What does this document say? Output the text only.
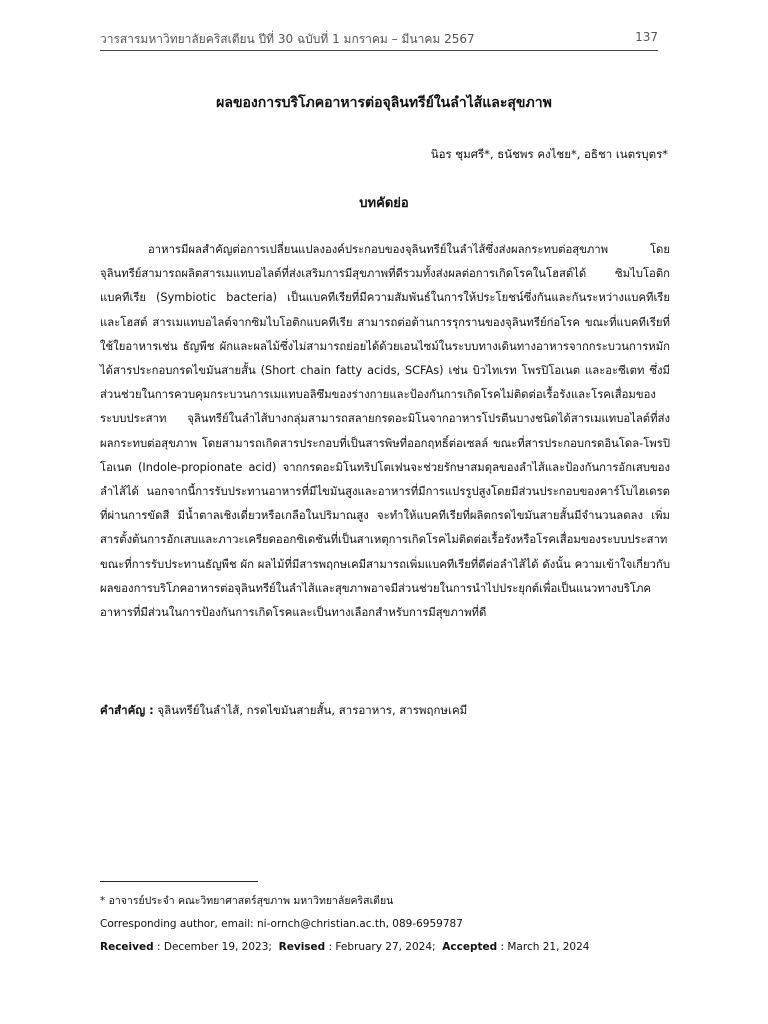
วารสารมหาวิทยาลัยคริสเตียน ปีที่ 30 ฉบับที่ 1 มกราคม – มีนาคม 2567	137
ผลของการบริโภคอาหารต่อจุลินทรีย์ในลำไส้และสุขภาพ
นิอร ชุมศรี*, ธนัชพร คงไชย*, อธิชา เนตรบุตร*
บทคัดย่อ

อาหารมีผลสำคัญต่อการเปลี่ยนแปลงองค์ประกอบของจุลินทรีย์ในลำไส้ซึ่งส่งผลกระทบต่อสุขภาพ โดยจุลินทรีย์สามารถผลิตสารเมแทบอไลต์ที่ส่งเสริมการมีสุขภาพที่ดีรวมทั้งส่งผลต่อการเกิดโรคในโฮสต์ได้ ซิมไบโอติก แบคทีเรีย (Symbiotic bacteria) เป็นแบคทีเรียที่มีความสัมพันธ์ในการให้ประโยชน์ซึ่งกันและกันระหว่างแบคทีเรียและโฮสต์ สารเมแทบอไลต์จากซิมไบโอติกแบคทีเรีย สามารถต่อต้านการรุกรานของจุลินทรีย์ก่อโรค ขณะที่แบคทีเรียที่ใช้ใยอาหารเช่น ธัญพืช ผักและผลไม้ซึ่งไม่สามารถย่อยได้ด้วยเอนไซม์ในระบบทางเดินทางอาหารจากกระบวนการหมักได้สารประกอบกรดไขมันสายสั้น (Short chain fatty acids, SCFAs) เช่น บิวไทเรท โพรปิโอเนต และอะซีเตท ซึ่งมีส่วนช่วยในการควบคุมกระบวนการเมแทบอลิซึมของร่างกายและป้องกันการเกิดโรคไม่ติดต่อเรื้อรังและโรคเสื่อมของระบบประสาท จุลินทรีย์ในลำไส้บางกลุ่มสามารถสลายกรดอะมิโนจากอาหารโปรตีนบางชนิดได้สารเมแทบอไลต์ที่ส่งผลกระทบต่อสุขภาพ โดยสามารถเกิดสารประกอบที่เป็นสารพิษที่ออกฤทธิ์ต่อเซลล์ ขณะที่สารประกอบกรดอินโดล-โพรปิโอเนต (Indole-propionate acid) จากกรดอะมิโนทริปโตเฟนจะช่วยรักษาสมดุลของลำไส้และป้องกันการอักเสบของลำไส้ได้ นอกจากนี้การรับประทานอาหารที่มีไขมันสูงและอาหารที่มีการแปรรูปสูงโดยมีส่วนประกอบของคาร์โบไฮเดรตที่ผ่านการขัดสี มีน้ำตาลเชิงเดี่ยวหรือเกลือในปริมาณสูง จะทำให้แบคทีเรียที่ผลิตกรดไขมันสายสั้นมีจำนวนลดลง เพิ่มสารตั้งต้นการอักเสบและภาวะเครียดออกซิเดชันที่เป็นสาเหตุการเกิดโรคไม่ติดต่อเรื้อรังหรือโรคเสื่อมของระบบประสาท ขณะที่การรับประทานธัญพืช ผัก ผลไม้ที่มีสารพฤกษเคมีสามารถเพิ่มแบคทีเรียที่ดีต่อลำไส้ได้ ดังนั้น ความเข้าใจเกี่ยวกับผลของการบริโภคอาหารต่อจุลินทรีย์ในลำไส้และสุขภาพอาจมีส่วนช่วยในการนำไปประยุกต์เพื่อเป็นแนวทางบริโภคอาหารที่มีส่วนในการป้องกันการเกิดโรคและเป็นทางเลือกสำหรับการมีสุขภาพที่ดี

คำสำคัญ : จุลินทรีย์ในลำไส้, กรดไขมันสายสั้น, สารอาหาร, สารพฤกษเคมี
* อาจารย์ประจำ คณะวิทยาศาสตร์สุขภาพ มหาวิทยาลัยคริสเตียน
Corresponding author, email: ni-ornch@christian.ac.th, 089-6959787
Received : December 19, 2023; Revised : February 27, 2024; Accepted : March 21, 2024
